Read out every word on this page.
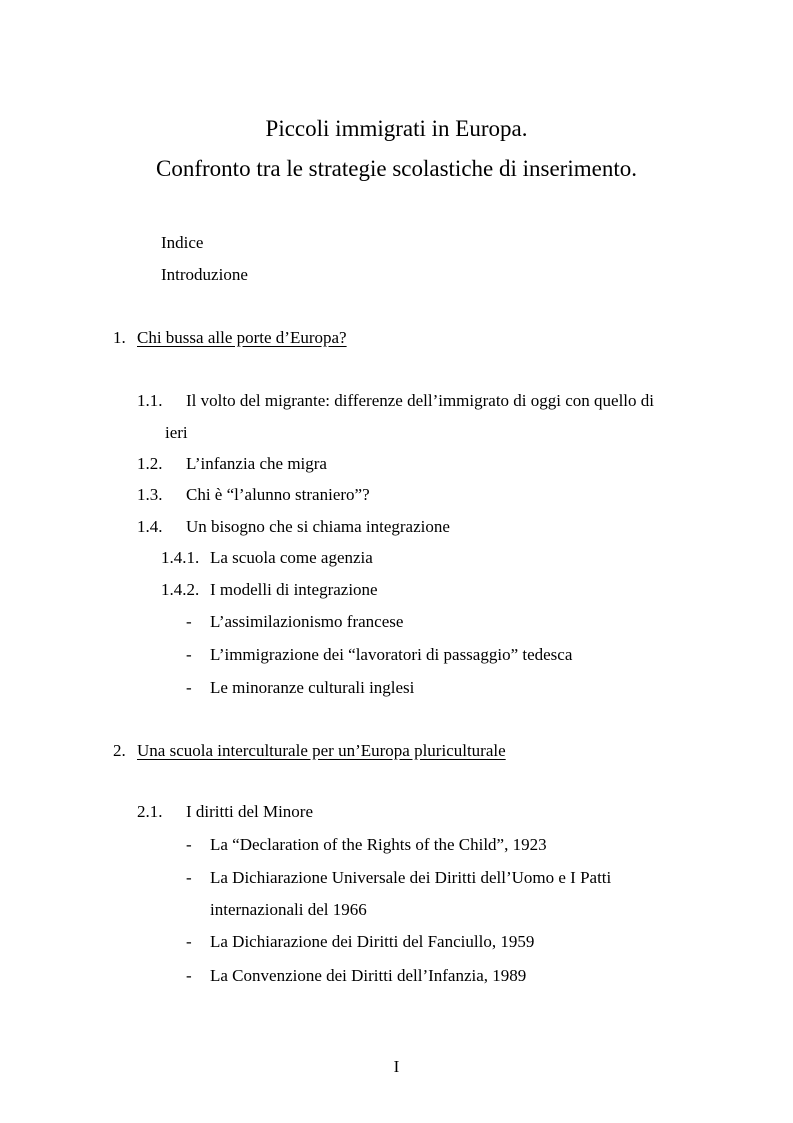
Piccoli immigrati in Europa.
Confronto tra le strategie scolastiche di inserimento.
Indice
Introduzione
1. Chi bussa alle porte d’Europa?
1.1. Il volto del migrante: differenze dell’immigrato di oggi con quello di
ieri
1.2. L’infanzia che migra
1.3. Chi è “l’alunno straniero”?
1.4. Un bisogno che si chiama integrazione
1.4.1. La scuola come agenzia
1.4.2. I modelli di integrazione
- L’assimilazionismo francese
- L’immigrazione dei “lavoratori di passaggio” tedesca
- Le minoranze culturali inglesi
2. Una scuola interculturale per un’Europa pluriculturale
2.1. I diritti del Minore
- La “Declaration of the Rights of the Child”, 1923
- La Dichiarazione Universale dei Diritti dell’Uomo e I Patti
internazionali del 1966
- La Dichiarazione dei Diritti del Fanciullo, 1959
- La Convenzione dei Diritti dell’Infanzia, 1989
I
